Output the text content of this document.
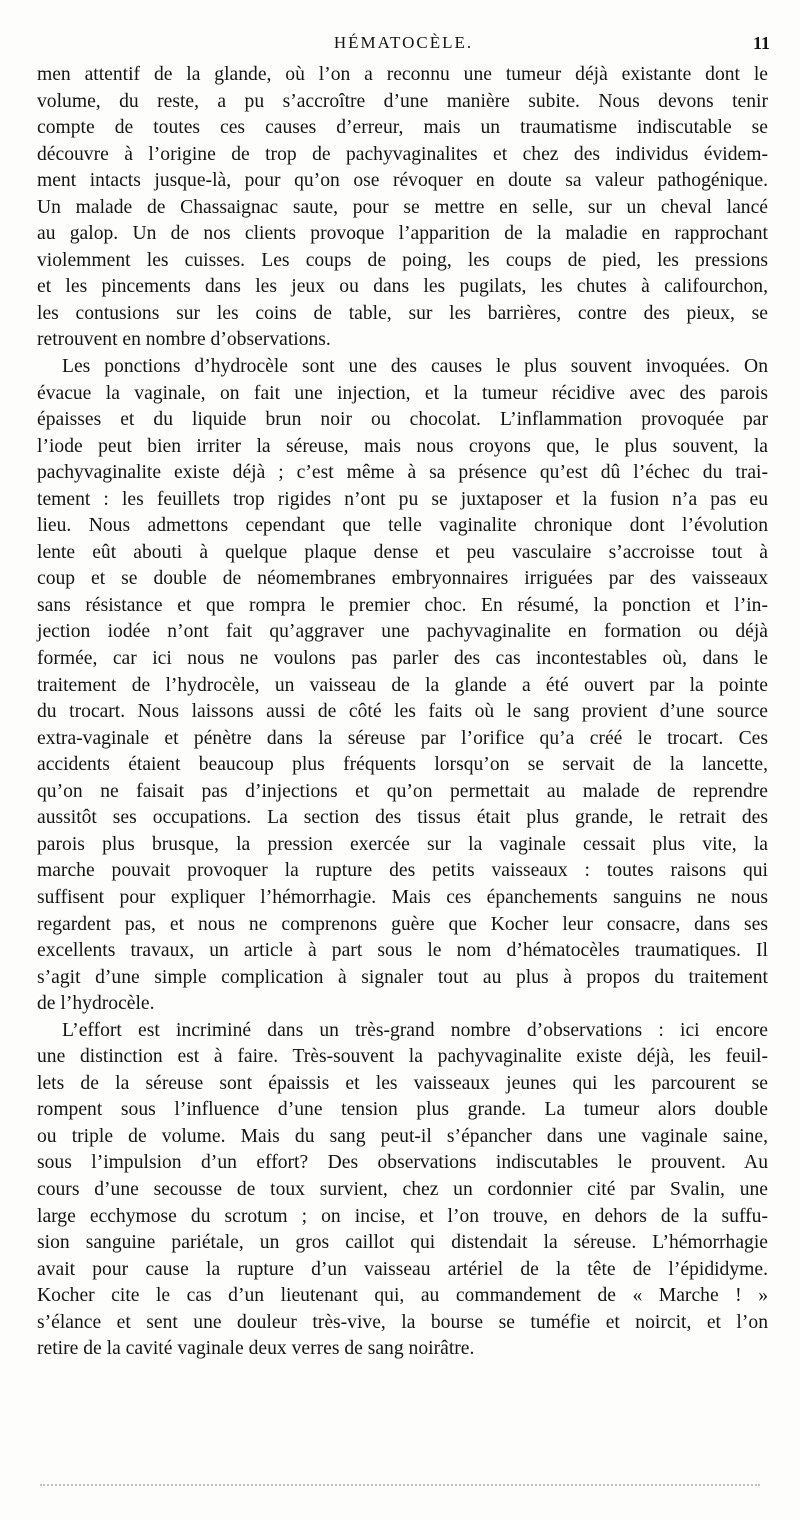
HÉMATOCÈLE.	11
men attentif de la glande, où l’on a reconnu une tumeur déjà existante dont le
volume, du reste, a pu s’accroître d’une manière subite. Nous devons tenir
compte de toutes ces causes d’erreur, mais un traumatisme indiscutable se
découvre à l’origine de trop de pachyvaginalites et chez des individus évidem-
ment intacts jusque-là, pour qu’on ose révoquer en doute sa valeur pathogénique.
Un malade de Chassaignac saute, pour se mettre en selle, sur un cheval lancé
au galop. Un de nos clients provoque l’apparition de la maladie en rapprochant
violemment les cuisses. Les coups de poing, les coups de pied, les pressions
et les pincements dans les jeux ou dans les pugilats, les chutes à califourchon,
les contusions sur les coins de table, sur les barrières, contre des pieux, se
retrouvent en nombre d’observations.
Les ponctions d’hydrocèle sont une des causes le plus souvent invoquées. On
évacue la vaginale, on fait une injection, et la tumeur récidive avec des parois
épaisses et du liquide brun noir ou chocolat. L’inflammation provoquée par
l’iode peut bien irriter la séreuse, mais nous croyons que, le plus souvent, la
pachyvaginalite existe déjà ; c’est même à sa présence qu’est dû l’échec du trai-
tement : les feuillets trop rigides n’ont pu se juxtaposer et la fusion n’a pas eu
lieu. Nous admettons cependant que telle vaginalite chronique dont l’évolution
lente eût abouti à quelque plaque dense et peu vasculaire s’accroisse tout à
coup et se double de néomembranes embryonnaires irriguées par des vaisseaux
sans résistance et que rompra le premier choc. En résumé, la ponction et l’in-
jection iodée n’ont fait qu’aggraver une pachyvaginalite en formation ou déjà
formée, car ici nous ne voulons pas parler des cas incontestables où, dans le
traitement de l’hydrocèle, un vaisseau de la glande a été ouvert par la pointe
du trocart. Nous laissons aussi de côté les faits où le sang provient d’une source
extra-vaginale et pénètre dans la séreuse par l’orifice qu’a créé le trocart. Ces
accidents étaient beaucoup plus fréquents lorsqu’on se servait de la lancette,
qu’on ne faisait pas d’injections et qu’on permettait au malade de reprendre
aussitôt ses occupations. La section des tissus était plus grande, le retrait des
parois plus brusque, la pression exercée sur la vaginale cessait plus vite, la
marche pouvait provoquer la rupture des petits vaisseaux : toutes raisons qui
suffisent pour expliquer l’hémorrhagie. Mais ces épanchements sanguins ne nous
regardent pas, et nous ne comprenons guère que Kocher leur consacre, dans ses
excellents travaux, un article à part sous le nom d’hématocèles traumatiques. Il
s’agit d’une simple complication à signaler tout au plus à propos du traitement
de l’hydrocèle.
L’effort est incriminé dans un très-grand nombre d’observations : ici encore
une distinction est à faire. Très-souvent la pachyvaginalite existe déjà, les feuil-
lets de la séreuse sont épaissis et les vaisseaux jeunes qui les parcourent se
rompent sous l’influence d’une tension plus grande. La tumeur alors double
ou triple de volume. Mais du sang peut-il s’épancher dans une vaginale saine,
sous l’impulsion d’un effort? Des observations indiscutables le prouvent. Au
cours d’une secousse de toux survient, chez un cordonnier cité par Svalin, une
large ecchymose du scrotum ; on incise, et l’on trouve, en dehors de la suffu-
sion sanguine pariétale, un gros caillot qui distendait la séreuse. L’hémorrhagie
avait pour cause la rupture d’un vaisseau artériel de la tête de l’épididyme.
Kocher cite le cas d’un lieutenant qui, au commandement de « Marche ! »
s’élance et sent une douleur très-vive, la bourse se tuméfie et noircit, et l’on
retire de la cavité vaginale deux verres de sang noirâtre.
